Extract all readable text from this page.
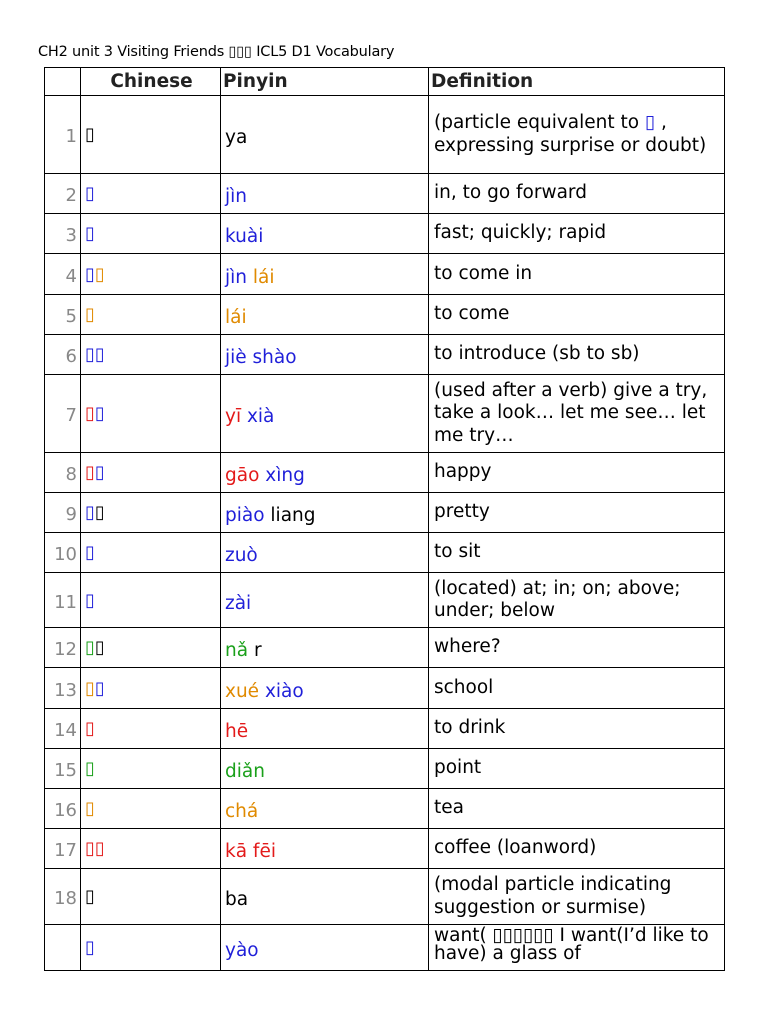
CH2 unit 3 Visiting Friends ▯▯▯ ICL5 D1 Vocabulary
	Chinese	Pinyin	Definition
1	▯	ya	(particle equivalent to ▯ , expressing surprise or doubt)
2	▯	jìn	in, to go forward
3	▯	kuài	fast; quickly; rapid
4	▯▯	jìn lái	to come in
5	▯	lái	to come
6	▯▯	jiè shào	to introduce (sb to sb)
7	▯▯	yī xià	(used after a verb) give a try, take a look… let me see… let me try…
8	▯▯	gāo xìng	happy
9	▯▯	piào liang	pretty
10	▯	zuò	to sit
11	▯	zài	(located) at; in; on; above; under; below
12	▯▯	nǎ r	where?
13	▯▯	xué xiào	school
14	▯	hē	to drink
15	▯	diǎn	point
16	▯	chá	tea
17	▯▯	kā fēi	coffee (loanword)
18	▯	ba	(modal particle indicating suggestion or surmise)
	▯	yào	want( ▯▯▯▯▯▯ I want(I’d like to have) a glass of
